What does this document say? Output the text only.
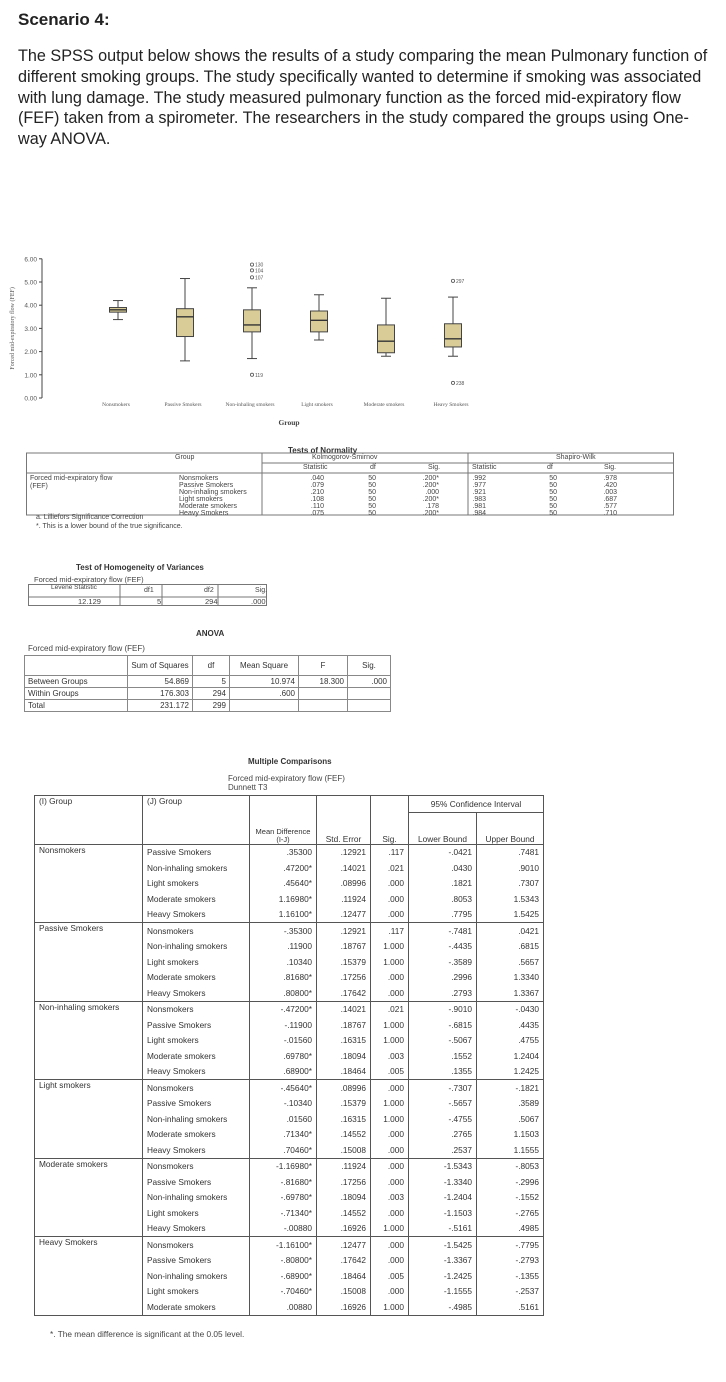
Scenario 4:

The SPSS output below shows the results of a study comparing the mean Pulmonary function of different smoking groups. The study specifically wanted to determine if smoking was associated with lung damage. The study measured pulmonary function as the forced mid-expiratory flow (FEF) taken from a spirometer. The researchers in the study compared the groups using One-way ANOVA.

0.00
1.00
2.00
3.00
4.00
5.00
6.00
Forced mid-expiratory flow (FEF)
Nonsmokers	Passive Smokers
130
104
107
119
Non-inhaling smokers	Light smokers	Moderate smokers
297
238
Heavy Smokers
Group
Tests of Normality
Group	Kolmogorov-Smirnov	Shapiro-Wilk
Statistic	df	Sig.	Statistic	df	Sig.
Forced mid-expiratory flow (FEF)
Nonsmokers	.040	50	.200*	.992	50	.978
Passive Smokers	.079	50	.200*	.977	50	.420
Non-inhaling smokers	.210	50	.000	.921	50	.003
Light smokers	.108	50	.200*	.983	50	.687
Moderate smokers	.110	50	.178	.981	50	.577
Heavy Smokers	.075	50	.200*	.984	50	.710
a. Lilliefors Significance Correction
*. This is a lower bound of the true significance.
Test of Homogeneity of Variances
Forced mid-expiratory flow (FEF)
Levene Statistic	df1	df2	Sig.
12.129	5	294	.000
ANOVA
Forced mid-expiratory flow (FEF)
	Sum of Squares	df	Mean Square	F	Sig.
Between Groups	54.869	5	10.974	18.300	.000
Within Groups	176.303	294	.600		
Total	231.172	299			
Multiple Comparisons
Forced mid-expiratory flow (FEF)
Dunnett T3
(I) Group	(J) Group	Mean Difference (I-J)	Std. Error	Sig.	95% Confidence Interval	
					Lower Bound	Upper Bound
Nonsmokers	Passive Smokers	.35300	.12921	.117	-.0421	.7481
	Non-inhaling smokers	.47200*	.14021	.021	.0430	.9010
	Light smokers	.45640*	.08996	.000	.1821	.7307
	Moderate smokers	1.16980*	.11924	.000	.8053	1.5343
	Heavy Smokers	1.16100*	.12477	.000	.7795	1.5425
Passive Smokers	Nonsmokers	-.35300	.12921	.117	-.7481	.0421
	Non-inhaling smokers	.11900	.18767	1.000	-.4435	.6815
	Light smokers	.10340	.15379	1.000	-.3589	.5657
	Moderate smokers	.81680*	.17256	.000	.2996	1.3340
	Heavy Smokers	.80800*	.17642	.000	.2793	1.3367
Non-inhaling smokers	Nonsmokers	-.47200*	.14021	.021	-.9010	-.0430
	Passive Smokers	-.11900	.18767	1.000	-.6815	.4435
	Light smokers	-.01560	.16315	1.000	-.5067	.4755
	Moderate smokers	.69780*	.18094	.003	.1552	1.2404
	Heavy Smokers	.68900*	.18464	.005	.1355	1.2425
Light smokers	Nonsmokers	-.45640*	.08996	.000	-.7307	-.1821
	Passive Smokers	-.10340	.15379	1.000	-.5657	.3589
	Non-inhaling smokers	.01560	.16315	1.000	-.4755	.5067
	Moderate smokers	.71340*	.14552	.000	.2765	1.1503
	Heavy Smokers	.70460*	.15008	.000	.2537	1.1555
Moderate smokers	Nonsmokers	-1.16980*	.11924	.000	-1.5343	-.8053
	Passive Smokers	-.81680*	.17256	.000	-1.3340	-.2996
	Non-inhaling smokers	-.69780*	.18094	.003	-1.2404	-.1552
	Light smokers	-.71340*	.14552	.000	-1.1503	-.2765
	Heavy Smokers	-.00880	.16926	1.000	-.5161	.4985
Heavy Smokers	Nonsmokers	-1.16100*	.12477	.000	-1.5425	-.7795
	Passive Smokers	-.80800*	.17642	.000	-1.3367	-.2793
	Non-inhaling smokers	-.68900*	.18464	.005	-1.2425	-.1355
	Light smokers	-.70460*	.15008	.000	-1.1555	-.2537
	Moderate smokers	.00880	.16926	1.000	-.4985	.5161
*. The mean difference is significant at the 0.05 level.
